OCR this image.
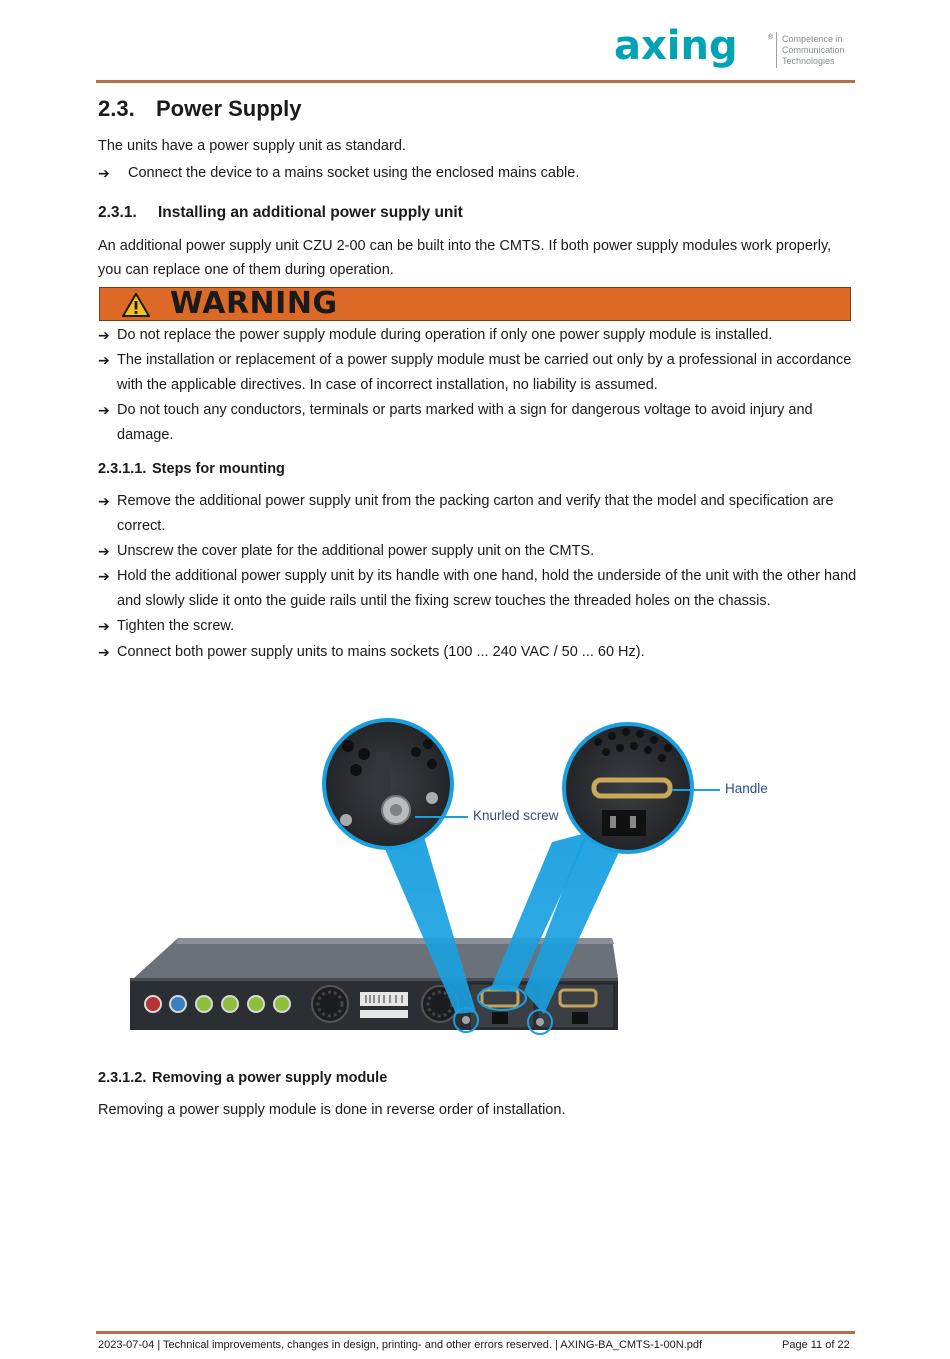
axing	® Competence in
Communication
Technologies
2.3. Power Supply
The units have a power supply unit as standard.
➔	Connect the device to a mains socket using the enclosed mains cable.
2.3.1. Installing an additional power supply unit
An additional power supply unit CZU 2-00 can be built into the CMTS. If both power supply modules work properly, you can replace one of them during operation.
WARNING
➔ Do not replace the power supply module during operation if only one power supply module is installed.
➔ The installation or replacement of a power supply module must be carried out only by a professional in accordance with the applicable directives. In case of incorrect installation, no liability is assumed.
➔ Do not touch any conductors, terminals or parts marked with a sign for dangerous voltage to avoid injury and damage.
2.3.1.1. Steps for mounting
➔ Remove the additional power supply unit from the packing carton and verify that the model and specification are correct.
➔ Unscrew the cover plate for the additional power supply unit on the CMTS.
➔ Hold the additional power supply unit by its handle with one hand, hold the underside of the unit with the other hand and slowly slide it onto the guide rails until the fixing screw touches the threaded holes on the chassis.
➔ Tighten the screw.
➔ Connect both power supply units to mains sockets (100 ... 240 VAC / 50 ... 60 Hz).
Knurled screw
Handle
2.3.1.2. Removing a power supply module
Removing a power supply module is done in reverse order of installation.
2023-07-04 | Technical improvements, changes in design, printing- and other errors reserved. | AXING-BA_CMTS-1-00N.pdf	Page 11 of 22
